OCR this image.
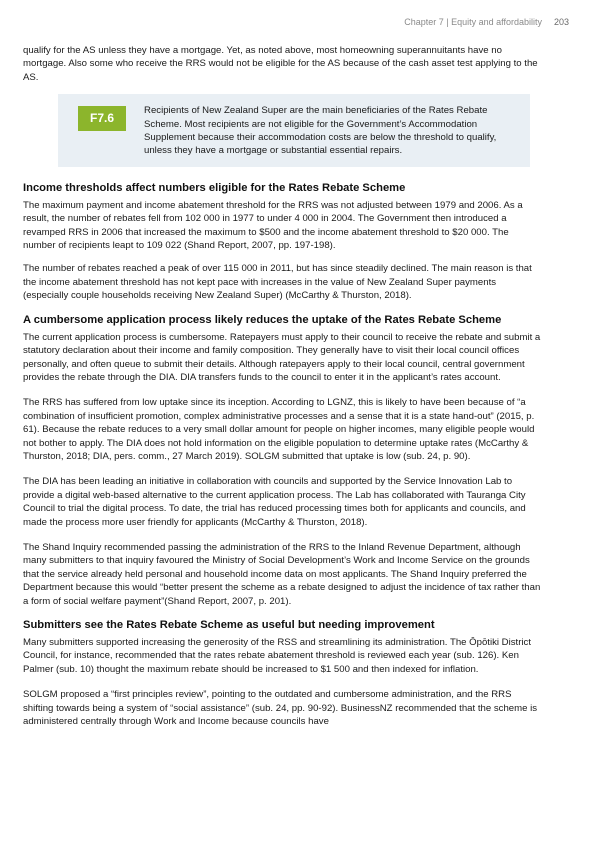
Chapter 7 | Equity and affordability 203

qualify for the AS unless they have a mortgage. Yet, as noted above, most homeowning superannuitants have no mortgage. Also some who receive the RRS would not be eligible for the AS because of the cash asset test applying to the AS.

F7.6
Recipients of New Zealand Super are the main beneficiaries of the Rates Rebate Scheme. Most recipients are not eligible for the Government’s Accommodation Supplement because their accommodation costs are below the threshold to qualify, unless they have a mortgage or substantial essential repairs.
Income thresholds affect numbers eligible for the Rates Rebate Scheme

The maximum payment and income abatement threshold for the RRS was not adjusted between 1979 and 2006. As a result, the number of rebates fell from 102 000 in 1977 to under 4 000 in 2004. The Government then introduced a revamped RRS in 2006 that increased the maximum to $500 and the income abatement threshold to $20 000. The number of recipients leapt to 109 022 (Shand Report, 2007, pp. 197-198).

The number of rebates reached a peak of over 115 000 in 2011, but has since steadily declined. The main reason is that the income abatement threshold has not kept pace with increases in the value of New Zealand Super payments (especially couple households receiving New Zealand Super) (McCarthy & Thurston, 2018).

A cumbersome application process likely reduces the uptake of the Rates Rebate Scheme

The current application process is cumbersome. Ratepayers must apply to their council to receive the rebate and submit a statutory declaration about their income and family composition. They generally have to visit their local council offices personally, and often queue to submit their details. Although ratepayers apply to their local council, central government provides the rebate through the DIA. DIA transfers funds to the council to enter it in the applicant’s rates account.

The RRS has suffered from low uptake since its inception. According to LGNZ, this is likely to have been because of “a combination of insufficient promotion, complex administrative processes and a sense that it is a state hand-out” (2015, p. 61). Because the rebate reduces to a very small dollar amount for people on higher incomes, many eligible people would not bother to apply. The DIA does not hold information on the eligible population to determine uptake rates (McCarthy & Thurston, 2018; DIA, pers. comm., 27 March 2019). SOLGM submitted that uptake is low (sub. 24, p. 90).

The DIA has been leading an initiative in collaboration with councils and supported by the Service Innovation Lab to provide a digital web-based alternative to the current application process. The Lab has collaborated with Tauranga City Council to trial the digital process. To date, the trial has reduced processing times both for applicants and councils, and made the process more user friendly for applicants (McCarthy & Thurston, 2018).

The Shand Inquiry recommended passing the administration of the RRS to the Inland Revenue Department, although many submitters to that inquiry favoured the Ministry of Social Development’s Work and Income Service on the grounds that the service already held personal and household income data on most applicants. The Shand Inquiry preferred the Department because this would “better present the scheme as a rebate designed to adjust the incidence of tax rather than a form of social welfare payment”(Shand Report, 2007, p. 201).

Submitters see the Rates Rebate Scheme as useful but needing improvement

Many submitters supported increasing the generosity of the RSS and streamlining its administration. The Ōpōtiki District Council, for instance, recommended that the rates rebate abatement threshold is reviewed each year (sub. 126). Ken Palmer (sub. 10) thought the maximum rebate should be increased to $1 500 and then indexed for inflation.

SOLGM proposed a “first principles review”, pointing to the outdated and cumbersome administration, and the RRS shifting towards being a system of “social assistance” (sub. 24, pp. 90-92). BusinessNZ recommended that the scheme is administered centrally through Work and Income because councils have
